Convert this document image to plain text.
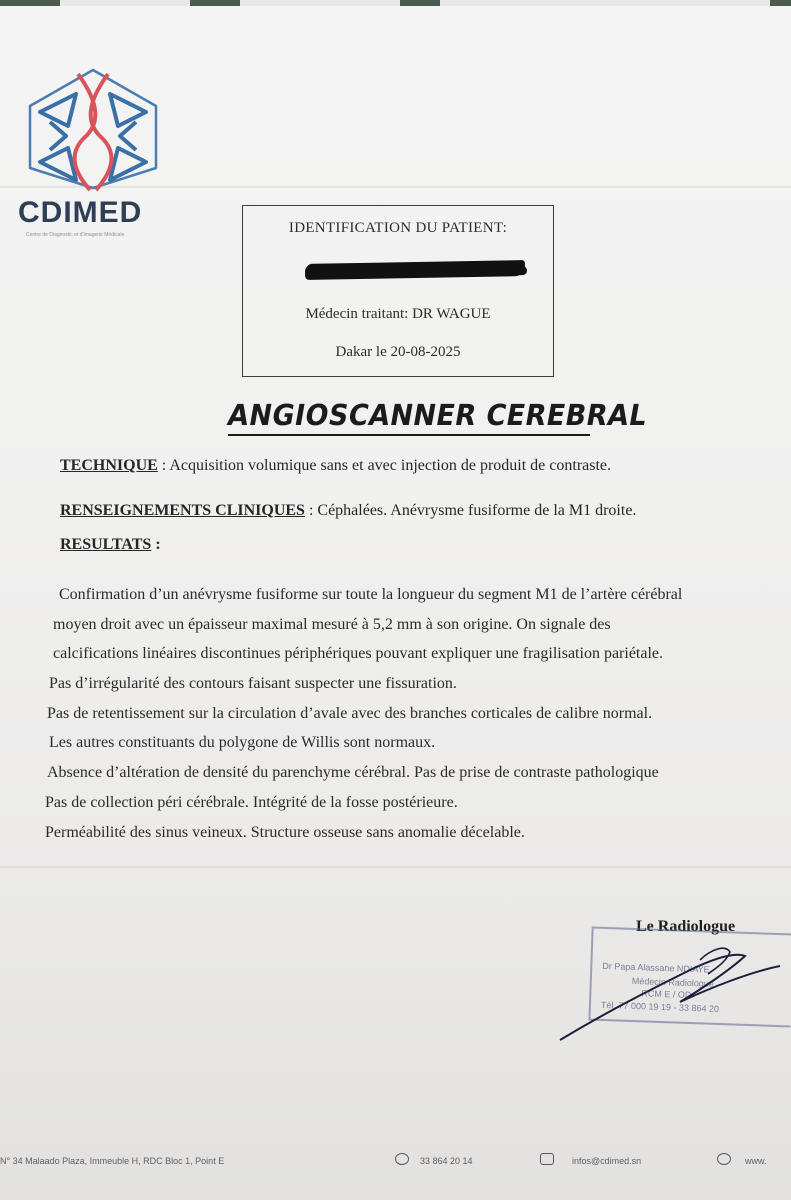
CDIMED
Centre de Diagnostic et d'Imagerie Médicale	IDENTIFICATION DU PATIENT:
Médecin traitant: DR WAGUE
Dakar le 20-08-2025
ANGIOSCANNER CEREBRAL
TECHNIQUE : Acquisition volumique sans et avec injection de produit de contraste.
RENSEIGNEMENTS CLINIQUES : Céphalées. Anévrysme fusiforme de la M1 droite.
RESULTATS :
Confirmation d’un anévrysme fusiforme sur toute la longueur du segment M1 de l’artère cérébral
moyen droit avec un épaisseur maximal mesuré à 5,2 mm à son origine. On signale des
calcifications linéaires discontinues périphériques pouvant expliquer une fragilisation pariétale.
Pas d’irrégularité des contours faisant suspecter une fissuration.
Pas de retentissement sur la circulation d’avale avec des branches corticales de calibre normal.
Les autres constituants du polygone de Willis sont normaux.
Absence d’altération de densité du parenchyme cérébral. Pas de prise de contraste pathologique
Pas de collection péri cérébrale. Intégrité de la fosse postérieure.
Perméabilité des sinus veineux. Structure osseuse sans anomalie décelable.
Le Radiologue
Dr Papa Alassane NDIAYE
Médecin Radiologue
RCM E / OD
Tél. 77 000 19 19 - 33 864 20
N° 34 Malaado Plaza, Immeuble H, RDC Bloc 1, Point E	33 864 20 14	infos@cdimed.sn	www.
